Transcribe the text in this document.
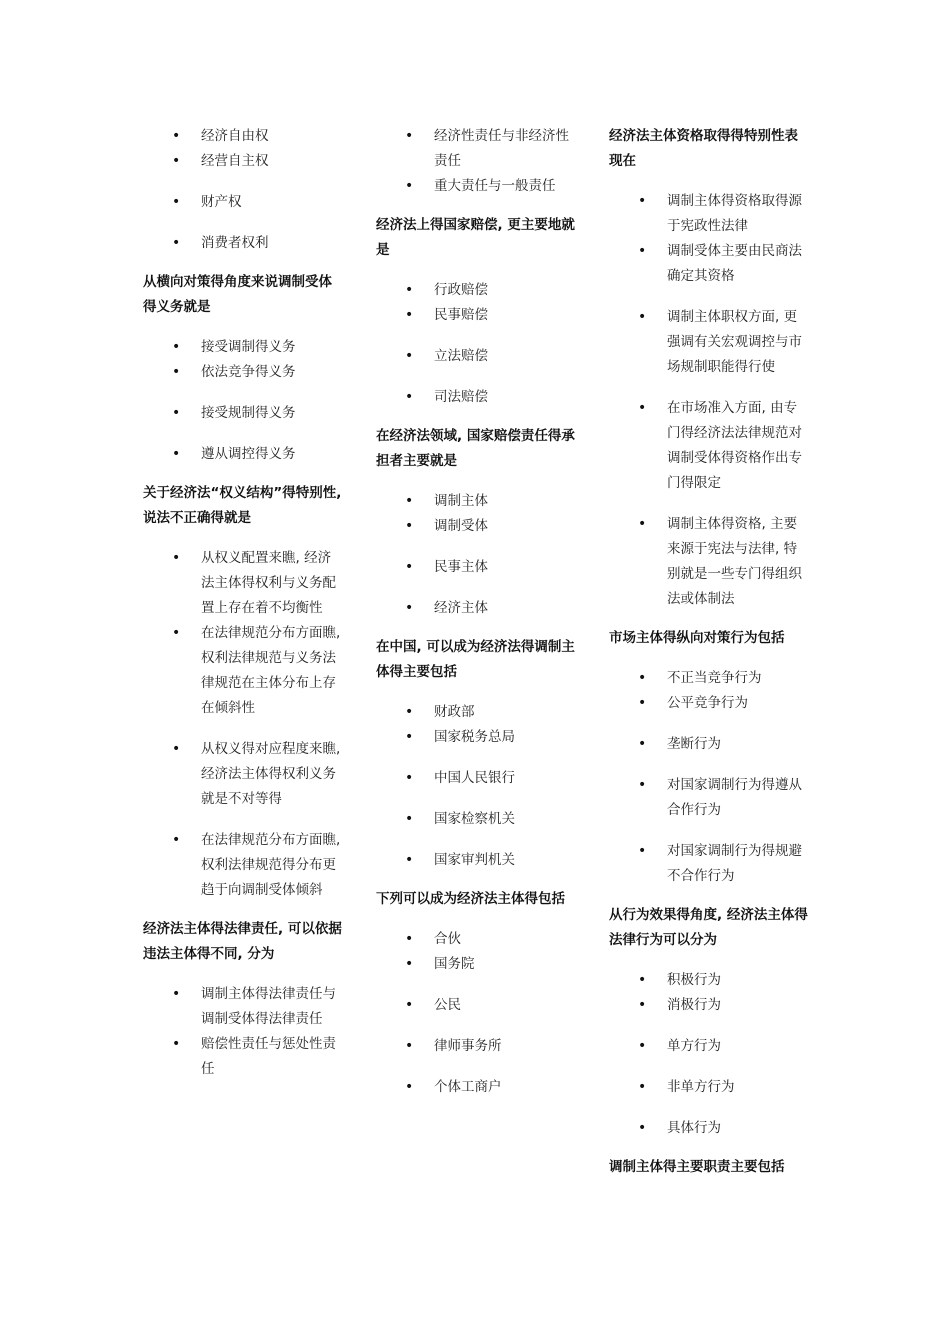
• 经济自由权
• 经营自主权
• 财产权
• 消费者权利
从横向对策得角度来说调制受体得义务就是
• 接受调制得义务
• 依法竞争得义务
• 接受规制得义务
• 遵从调控得义务
关于经济法“权义结构”得特别性, 说法不正确得就是
• 从权义配置来瞧, 经济法主体得权利与义务配置上存在着不均衡性
• 在法律规范分布方面瞧, 权利法律规范与义务法律规范在主体分布上存在倾斜性
• 从权义得对应程度来瞧, 经济法主体得权利义务就是不对等得
• 在法律规范分布方面瞧, 权利法律规范得分布更趋于向调制受体倾斜
经济法主体得法律责任, 可以依据违法主体得不同, 分为
• 调制主体得法律责任与调制受体得法律责任
• 赔偿性责任与惩处性责任
• 经济性责任与非经济性责任
• 重大责任与一般责任
经济法上得国家赔偿, 更主要地就是
• 行政赔偿
• 民事赔偿
• 立法赔偿
• 司法赔偿
在经济法领域, 国家赔偿责任得承担者主要就是
• 调制主体
• 调制受体
• 民事主体
• 经济主体
在中国, 可以成为经济法得调制主体得主要包括
• 财政部
• 国家税务总局
• 中国人民银行
• 国家检察机关
• 国家审判机关
下列可以成为经济法主体得包括
• 合伙
• 国务院
• 公民
• 律师事务所
• 个体工商户
经济法主体资格取得得特别性表现在
• 调制主体得资格取得源于宪政性法律
• 调制受体主要由民商法确定其资格
• 调制主体职权方面, 更强调有关宏观调控与市场规制职能得行使
• 在市场准入方面, 由专门得经济法法律规范对调制受体得资格作出专门得限定
• 调制主体得资格, 主要来源于宪法与法律, 特别就是一些专门得组织法或体制法
市场主体得纵向对策行为包括
• 不正当竞争行为
• 公平竞争行为
• 垄断行为
• 对国家调制行为得遵从合作行为
• 对国家调制行为得规避不合作行为
从行为效果得角度, 经济法主体得法律行为可以分为
• 积极行为
• 消极行为
• 单方行为
• 非单方行为
• 具体行为
调制主体得主要职责主要包括
